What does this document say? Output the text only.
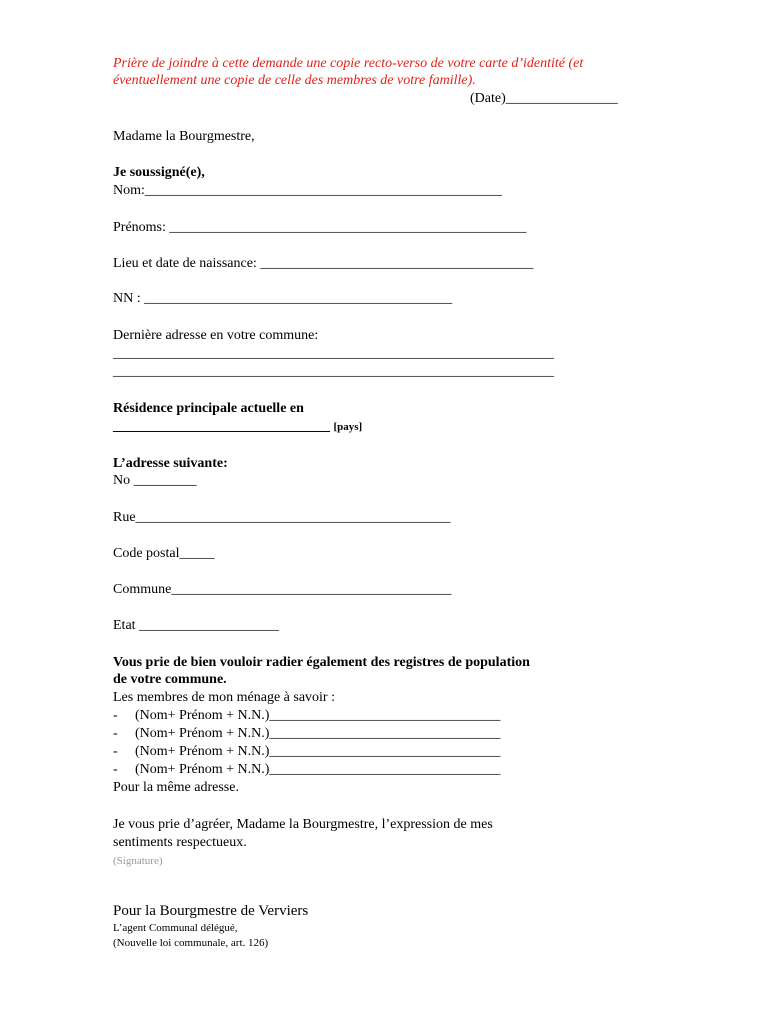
Prière de joindre à cette demande une copie recto-verso de votre carte d’identité (et
éventuellement une copie de celle des membres de votre famille).
(Date)________________
Madame la Bourgmestre,
Je soussigné(e),
Nom:___________________________________________________
Prénoms: ___________________________________________________
Lieu et date de naissance: _______________________________________
NN : ____________________________________________
Dernière adresse en votre commune:
_______________________________________________________________
_______________________________________________________________
Résidence principale actuelle en
_______________________________ [pays]
L’adresse suivante:
No _________
Rue_____________________________________________
Code postal_____
Commune________________________________________
Etat ____________________
Vous prie de bien vouloir radier également des registres de population
de votre commune.
Les membres de mon ménage à savoir :
- (Nom+ Prénom + N.N.)_________________________________
- (Nom+ Prénom + N.N.)_________________________________
- (Nom+ Prénom + N.N.)_________________________________
- (Nom+ Prénom + N.N.)_________________________________
Pour la même adresse.
Je vous prie d’agréer, Madame la Bourgmestre, l’expression de mes
sentiments respectueux.
(Signature)
Pour la Bourgmestre de Verviers
L’agent Communal délégué,
(Nouvelle loi communale, art. 126)
